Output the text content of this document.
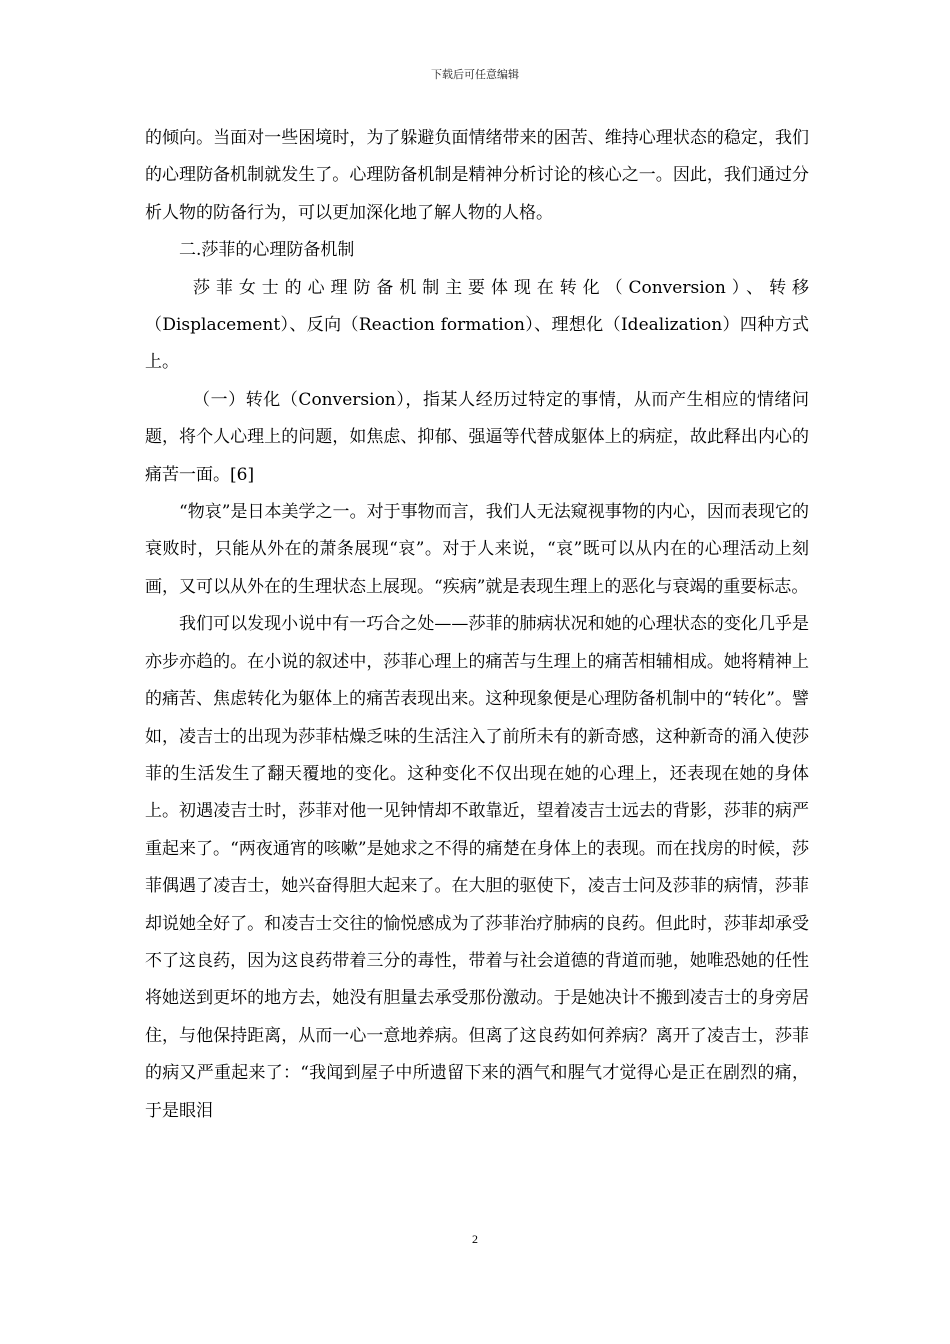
下载后可任意编辑

的倾向。当面对一些困境时，为了躲避负面情绪带来的困苦、维持心理状态的稳定，我们的心理防备机制就发生了。心理防备机制是精神分析讨论的核心之一。因此，我们通过分析人物的防备行为，可以更加深化地了解人物的人格。

二.莎菲的心理防备机制

莎菲女士的心理防备机制主要体现在转化（Conversion）、转移（Displacement）、反向（Reaction formation）、理想化（Idealization）四种方式上。

（一）转化（Conversion），指某人经历过特定的事情，从而产生相应的情绪问题，将个人心理上的问题，如焦虑、抑郁、强逼等代替成躯体上的病症，故此释出内心的痛苦一面。[6]

“物哀”是日本美学之一。对于事物而言，我们人无法窥视事物的内心，因而表现它的衰败时，只能从外在的萧条展现“哀”。对于人来说，“哀”既可以从内在的心理活动上刻画，又可以从外在的生理状态上展现。“疾病”就是表现生理上的恶化与衰竭的重要标志。

我们可以发现小说中有一巧合之处——莎菲的肺病状况和她的心理状态的变化几乎是亦步亦趋的。在小说的叙述中，莎菲心理上的痛苦与生理上的痛苦相辅相成。她将精神上的痛苦、焦虑转化为躯体上的痛苦表现出来。这种现象便是心理防备机制中的“转化”。譬如，凌吉士的出现为莎菲枯燥乏味的生活注入了前所未有的新奇感，这种新奇的涌入使莎菲的生活发生了翻天覆地的变化。这种变化不仅出现在她的心理上，还表现在她的身体上。初遇凌吉士时，莎菲对他一见钟情却不敢靠近，望着凌吉士远去的背影，莎菲的病严重起来了。“两夜通宵的咳嗽”是她求之不得的痛楚在身体上的表现。而在找房的时候，莎菲偶遇了凌吉士，她兴奋得胆大起来了。在大胆的驱使下，凌吉士问及莎菲的病情，莎菲却说她全好了。和凌吉士交往的愉悦感成为了莎菲治疗肺病的良药。但此时，莎菲却承受不了这良药，因为这良药带着三分的毒性，带着与社会道德的背道而驰，她唯恐她的任性将她送到更坏的地方去，她没有胆量去承受那份激动。于是她决计不搬到凌吉士的身旁居住，与他保持距离，从而一心一意地养病。但离了这良药如何养病？离开了凌吉士，莎菲的病又严重起来了：“我闻到屋子中所遗留下来的酒气和腥气才觉得心是正在剧烈的痛，于是眼泪

2
